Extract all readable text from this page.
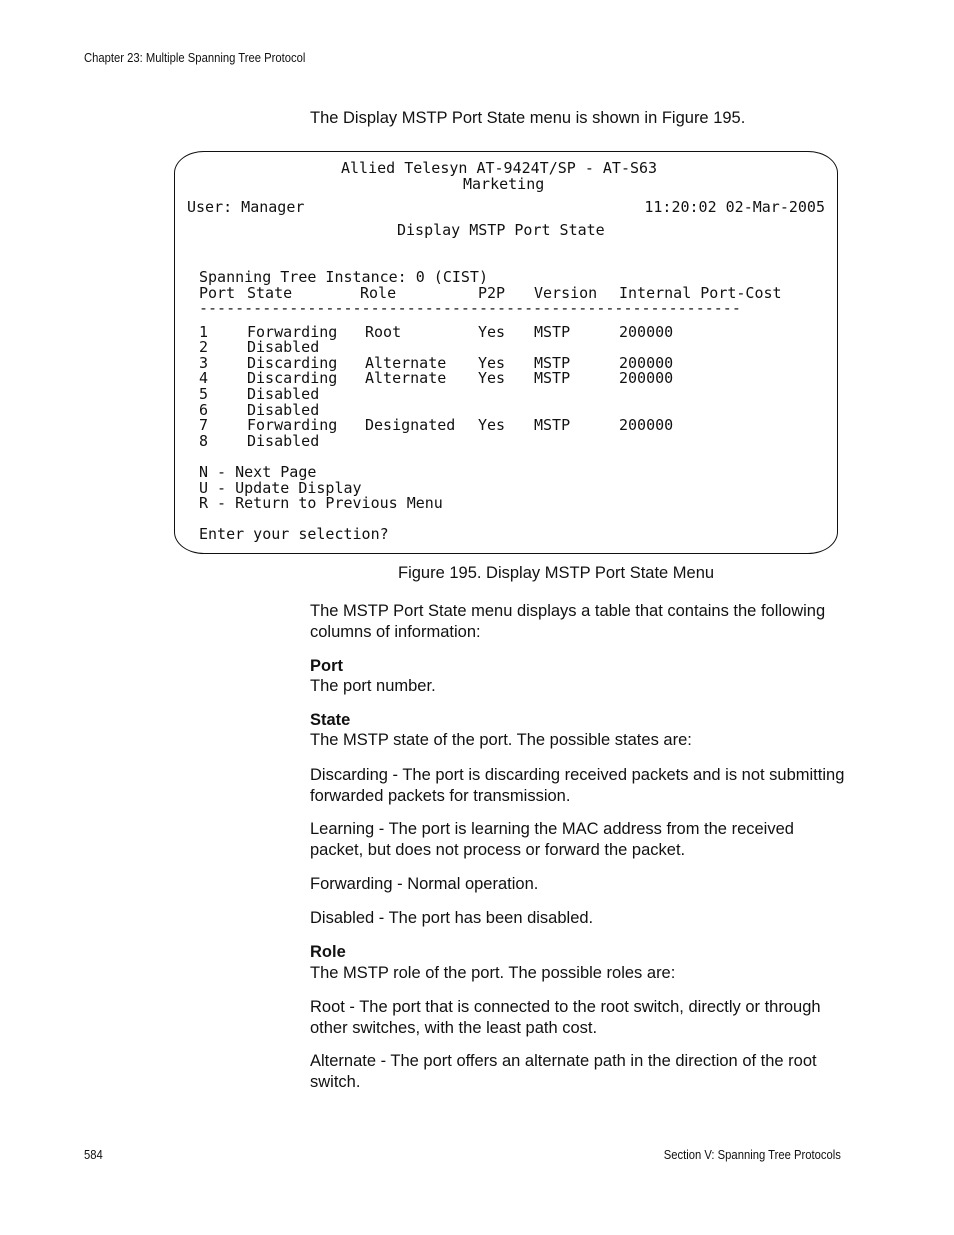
Chapter 23: Multiple Spanning Tree Protocol
The Display MSTP Port State menu is shown in Figure 195.
Allied Telesyn AT-9424T/SP - AT-S63
Marketing
User: Manager	11:20:02 02-Mar-2005
Display MSTP Port State
Spanning Tree Instance: 0 (CIST)
Port State	Role	P2P Version Internal Port-Cost
------------------------------------------------------------
1	Forwarding Root	Yes MSTP	200000
2	Disabled
3	Discarding Alternate Yes MSTP	200000
4	Discarding Alternate Yes MSTP	200000
5	Disabled
6	Disabled
7	Forwarding Designated Yes MSTP	200000
8	Disabled
N - Next Page
U - Update Display
R - Return to Previous Menu
Enter your selection?
Figure 195. Display MSTP Port State Menu
The MSTP Port State menu displays a table that contains the following columns of information:
Port
The port number.
State
The MSTP state of the port. The possible states are:
Discarding - The port is discarding received packets and is not submitting forwarded packets for transmission.
Learning - The port is learning the MAC address from the received packet, but does not process or forward the packet.
Forwarding - Normal operation.
Disabled - The port has been disabled.
Role
The MSTP role of the port. The possible roles are:
Root - The port that is connected to the root switch, directly or through other switches, with the least path cost.
Alternate - The port offers an alternate path in the direction of the root switch.
584	Section V: Spanning Tree Protocols
